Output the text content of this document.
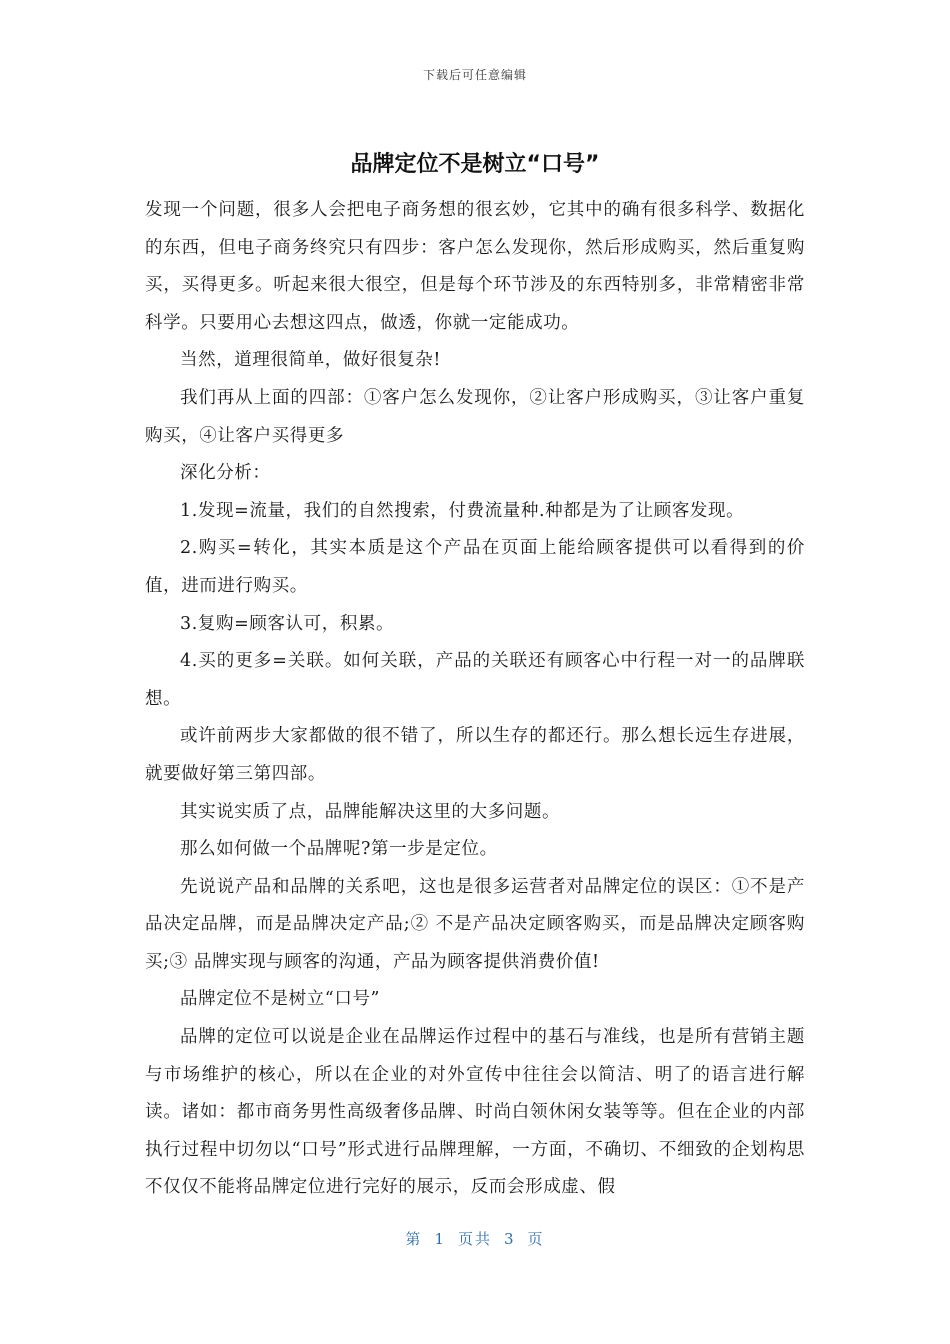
下载后可任意编辑
品牌定位不是树立“口号”

发现一个问题，很多人会把电子商务想的很玄妙，它其中的确有很多科学、数据化的东西，但电子商务终究只有四步：客户怎么发现你，然后形成购买，然后重复购买，买得更多。听起来很大很空，但是每个环节涉及的东西特别多，非常精密非常科学。只要用心去想这四点，做透，你就一定能成功。

当然，道理很简单，做好很复杂!

我们再从上面的四部：①客户怎么发现你，②让客户形成购买，③让客户重复购买，④让客户买得更多

深化分析：

1.发现=流量，我们的自然搜索，付费流量种.种都是为了让顾客发现。

2.购买=转化，其实本质是这个产品在页面上能给顾客提供可以看得到的价值，进而进行购买。

3.复购=顾客认可，积累。

4.买的更多=关联。如何关联，产品的关联还有顾客心中行程一对一的品牌联想。

或许前两步大家都做的很不错了，所以生存的都还行。那么想长远生存进展，就要做好第三第四部。

其实说实质了点，品牌能解决这里的大多问题。

那么如何做一个品牌呢?第一步是定位。

先说说产品和品牌的关系吧，这也是很多运营者对品牌定位的误区：①不是产品决定品牌，而是品牌决定产品;② 不是产品决定顾客购买，而是品牌决定顾客购买;③ 品牌实现与顾客的沟通，产品为顾客提供消费价值!

品牌定位不是树立“口号”

品牌的定位可以说是企业在品牌运作过程中的基石与准线，也是所有营销主题与市场维护的核心，所以在企业的对外宣传中往往会以简洁、明了的语言进行解读。诸如：都市商务男性高级奢侈品牌、时尚白领休闲女装等等。但在企业的内部执行过程中切勿以“口号”形式进行品牌理解，一方面，不确切、不细致的企划构思不仅仅不能将品牌定位进行完好的展示，反而会形成虚、假

第 1 页共 3 页
